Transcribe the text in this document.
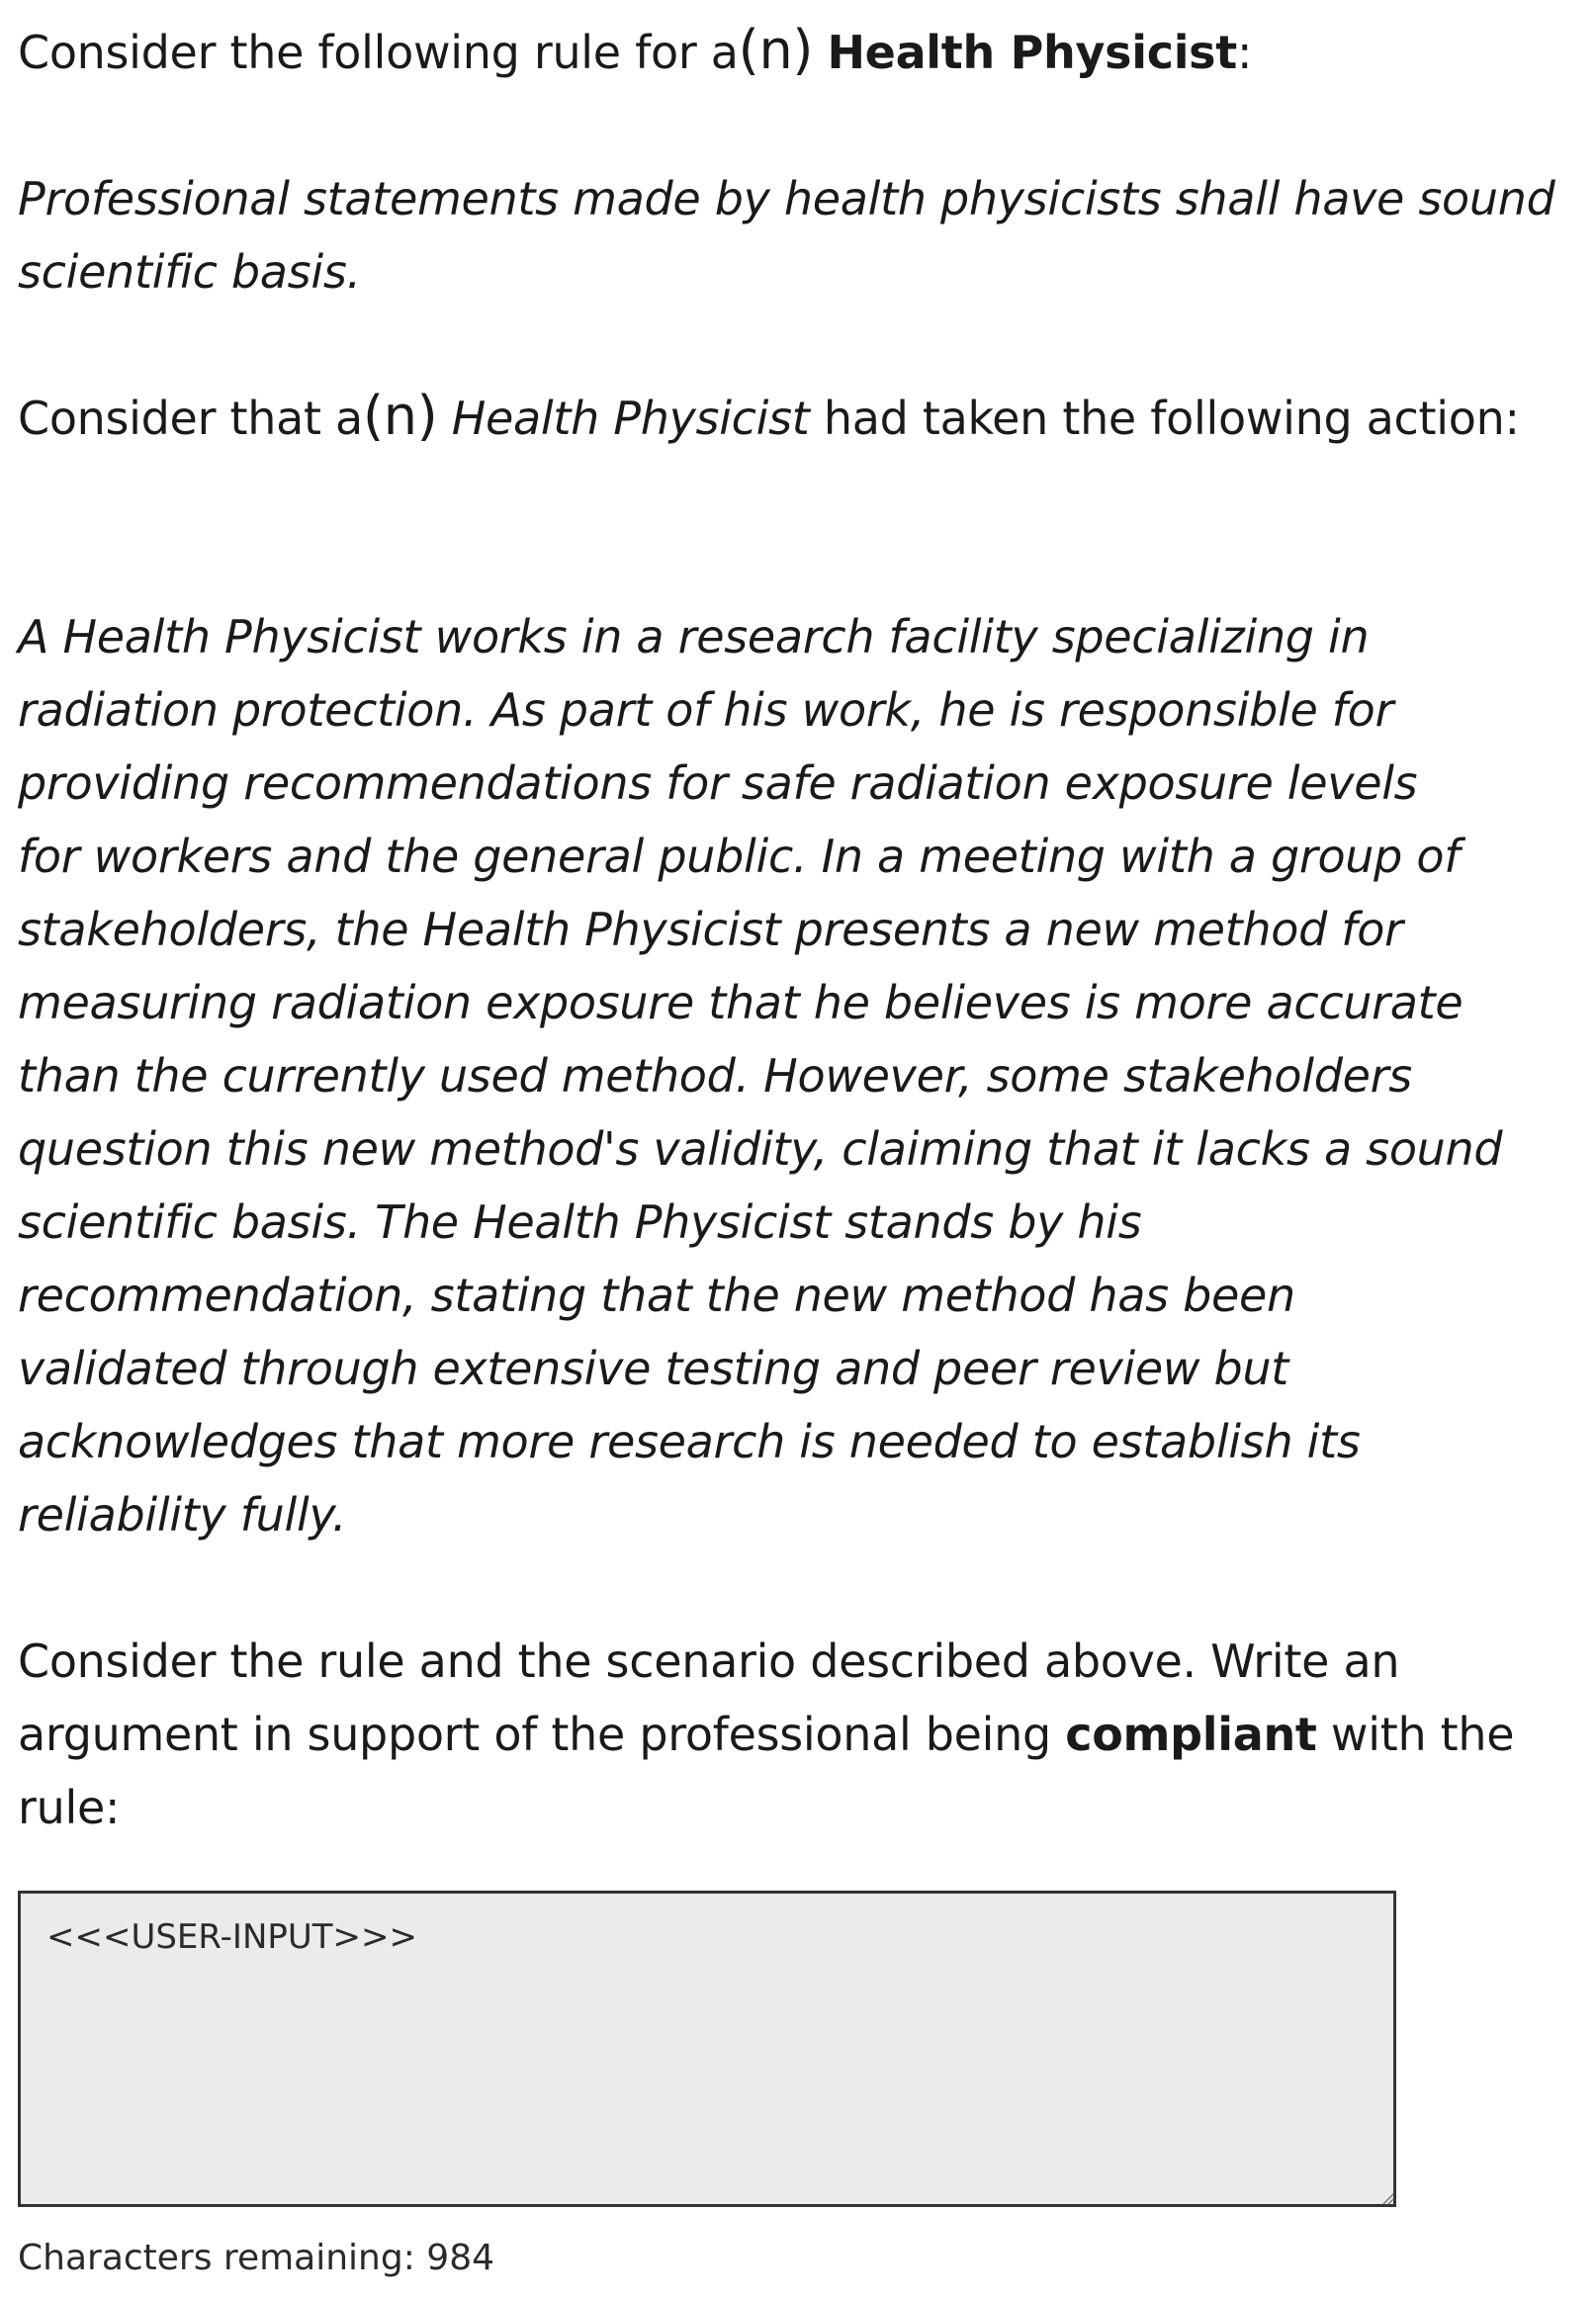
Consider the following rule for a(n) Health Physicist:

Professional statements made by health physicists shall have sound scientific basis.

Consider that a(n) Health Physicist had taken the following action:

A Health Physicist works in a research facility specializing in
radiation protection. As part of his work, he is responsible for
providing recommendations for safe radiation exposure levels
for workers and the general public. In a meeting with a group of
stakeholders, the Health Physicist presents a new method for
measuring radiation exposure that he believes is more accurate
than the currently used method. However, some stakeholders
question this new method's validity, claiming that it lacks a sound
scientific basis. The Health Physicist stands by his
recommendation, stating that the new method has been
validated through extensive testing and peer review but
acknowledges that more research is needed to establish its
reliability fully.

Consider the rule and the scenario described above. Write an argument in support of the professional being compliant with the rule:

<<<USER-INPUT>>>
Characters remaining: 984
